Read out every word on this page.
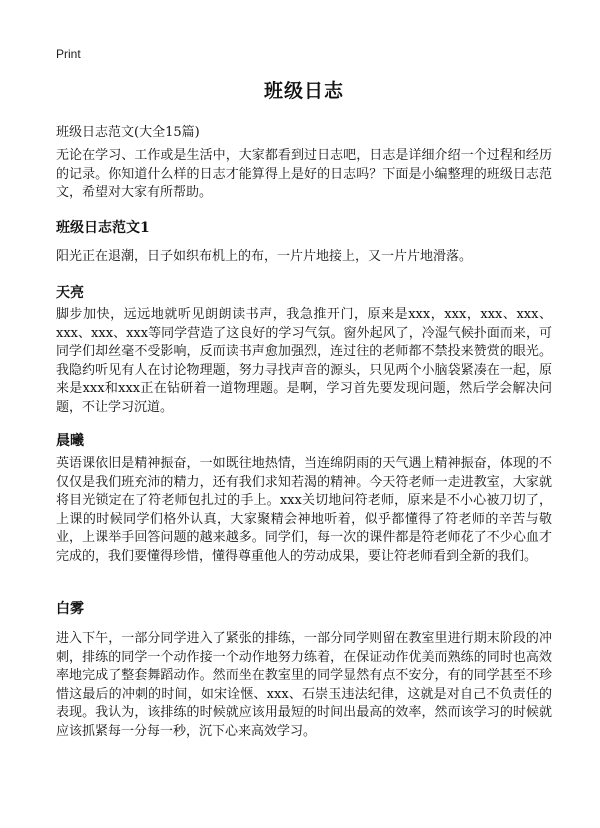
Print
班级日志
班级日志范文(大全15篇)

无论在学习、工作或是生活中，大家都看到过日志吧，日志是详细介绍一个过程和经历的记录。你知道什么样的日志才能算得上是好的日志吗？下面是小编整理的班级日志范文，希望对大家有所帮助。

班级日志范文1

阳光正在退潮，日子如织布机上的布，一片片地接上，又一片片地滑落。

天亮

脚步加快，远远地就听见朗朗读书声，我急推开门，原来是xxx，xxx，xxx、xxx、xxx、xxx、xxx等同学营造了这良好的学习气氛。窗外起风了，冷湿气候扑面而来，可同学们却丝毫不受影响，反而读书声愈加强烈，连过往的老师都不禁投来赞赏的眼光。我隐约听见有人在讨论物理题，努力寻找声音的源头，只见两个小脑袋紧凑在一起，原来是xxx和xxx正在钻研着一道物理题。是啊，学习首先要发现问题，然后学会解决问题，不让学习沉道。

晨曦

英语课依旧是精神振奋，一如既往地热情，当连绵阴雨的天气遇上精神振奋，体现的不仅仅是我们班充沛的精力，还有我们求知若渴的精神。今天符老师一走进教室，大家就将目光锁定在了符老师包扎过的手上。xxx关切地问符老师，原来是不小心被刀切了，上课的时候同学们格外认真，大家聚精会神地听着，似乎都懂得了符老师的辛苦与敬业，上课举手回答问题的越来越多。同学们，每一次的课件都是符老师花了不少心血才完成的，我们要懂得珍惜，懂得尊重他人的劳动成果，要让符老师看到全新的我们。

白雾

进入下午，一部分同学进入了紧张的排练，一部分同学则留在教室里进行期末阶段的冲刺，排练的同学一个动作接一个动作地努力练着，在保证动作优美而熟练的同时也高效率地完成了整套舞蹈动作。然而坐在教室里的同学显然有点不安分，有的同学甚至不珍惜这最后的冲刺的时间，如宋诠惬、xxx、石崇玉违法纪律，这就是对自己不负责任的表现。我认为，该排练的时候就应该用最短的时间出最高的效率，然而该学习的时候就应该抓紧每一分每一秒，沉下心来高效学习。
